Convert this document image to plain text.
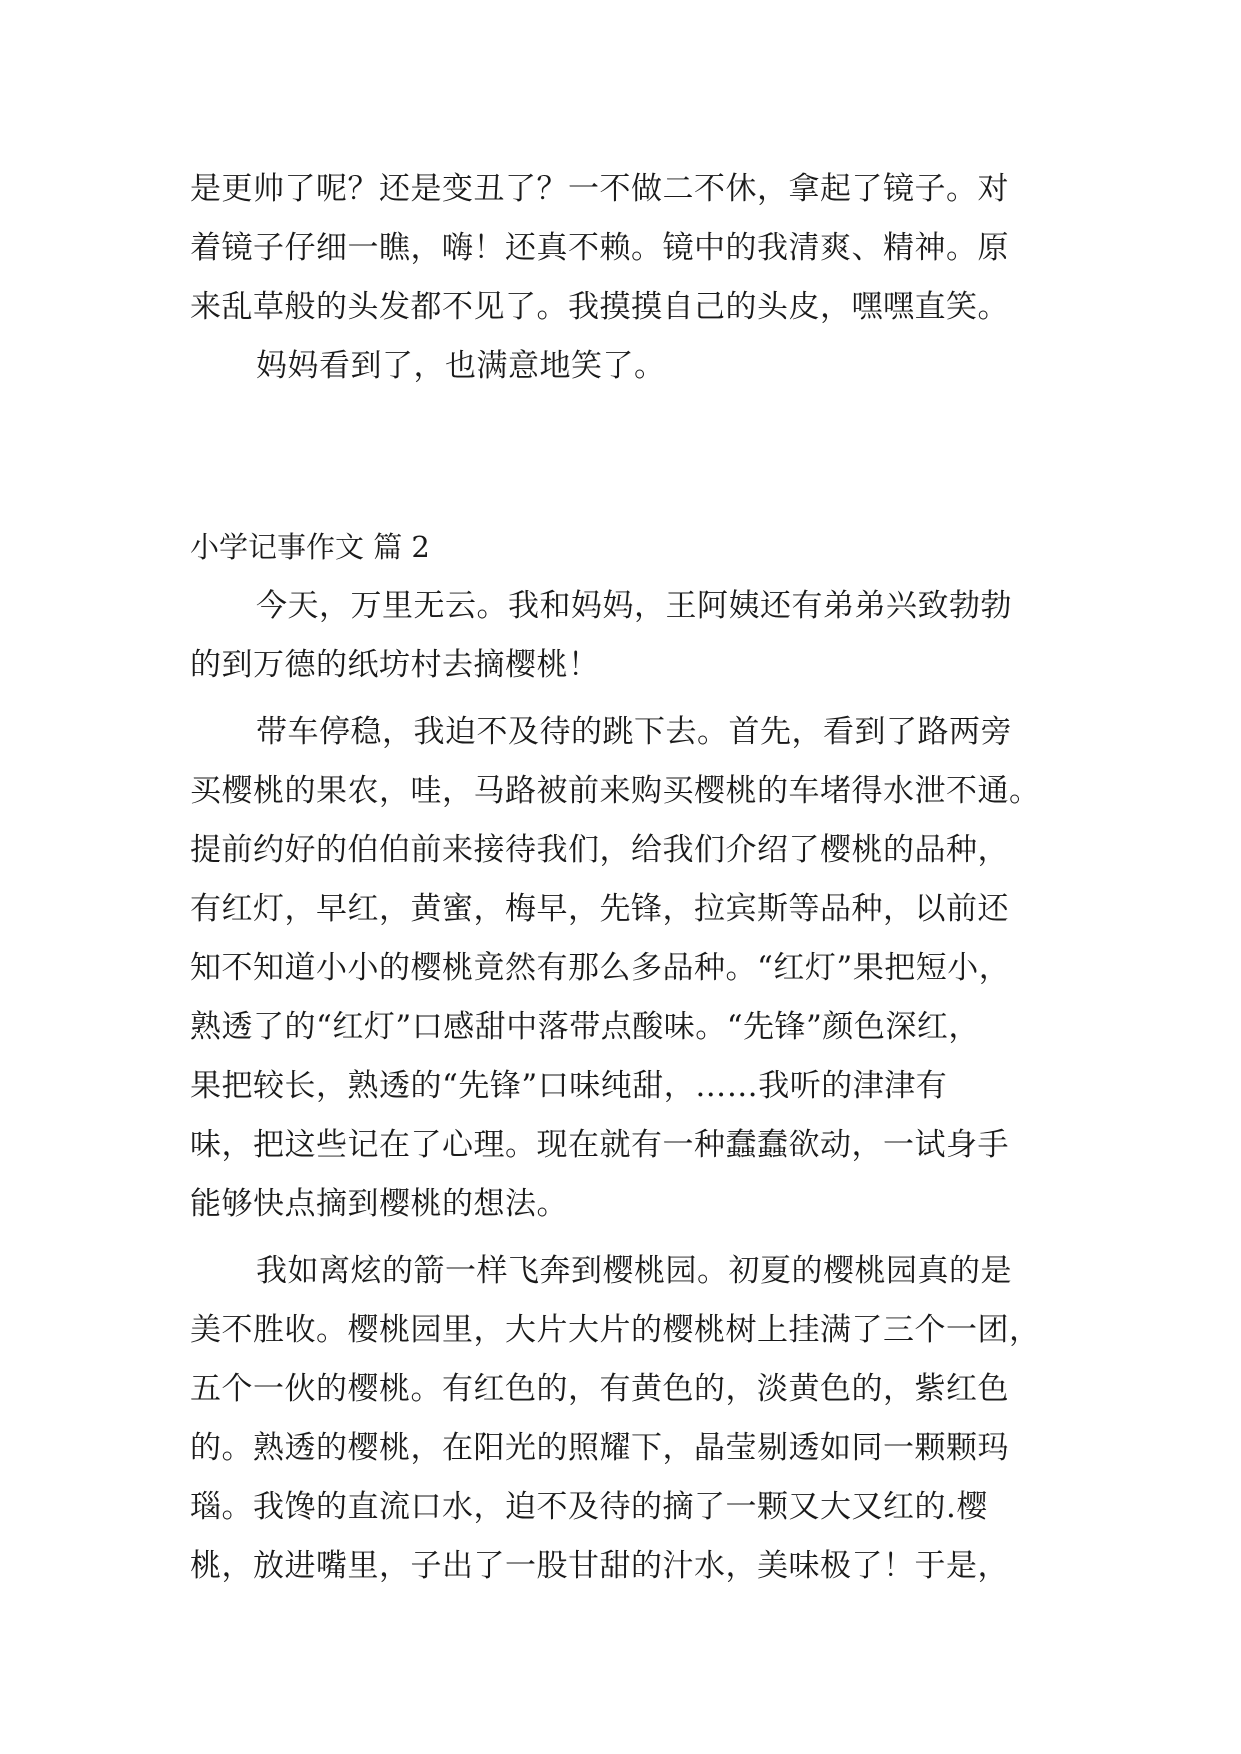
是更帅了呢？还是变丑了？一不做二不休，拿起了镜子。对
着镜子仔细一瞧，嗨！还真不赖。镜中的我清爽、精神。原
来乱草般的头发都不见了。我摸摸自己的头皮，嘿嘿直笑。
妈妈看到了，也满意地笑了。
小学记事作文 篇 2
今天，万里无云。我和妈妈，王阿姨还有弟弟兴致勃勃
的到万德的纸坊村去摘樱桃！
带车停稳，我迫不及待的跳下去。首先，看到了路两旁
买樱桃的果农，哇，马路被前来购买樱桃的车堵得水泄不通。
提前约好的伯伯前来接待我们，给我们介绍了樱桃的品种，
有红灯，早红，黄蜜，梅早，先锋，拉宾斯等品种，以前还
知不知道小小的樱桃竟然有那么多品种。“红灯”果把短小，
熟透了的“红灯”口感甜中落带点酸味。“先锋”颜色深红，
果把较长，熟透的“先锋”口味纯甜，……我听的津津有
味，把这些记在了心理。现在就有一种蠢蠢欲动，一试身手
能够快点摘到樱桃的想法。
我如离炫的箭一样飞奔到樱桃园。初夏的樱桃园真的是
美不胜收。樱桃园里，大片大片的樱桃树上挂满了三个一团，
五个一伙的樱桃。有红色的，有黄色的，淡黄色的，紫红色
的。熟透的樱桃，在阳光的照耀下，晶莹剔透如同一颗颗玛
瑙。我馋的直流口水，迫不及待的摘了一颗又大又红的.樱
桃，放进嘴里，子出了一股甘甜的汁水，美味极了！于是，
